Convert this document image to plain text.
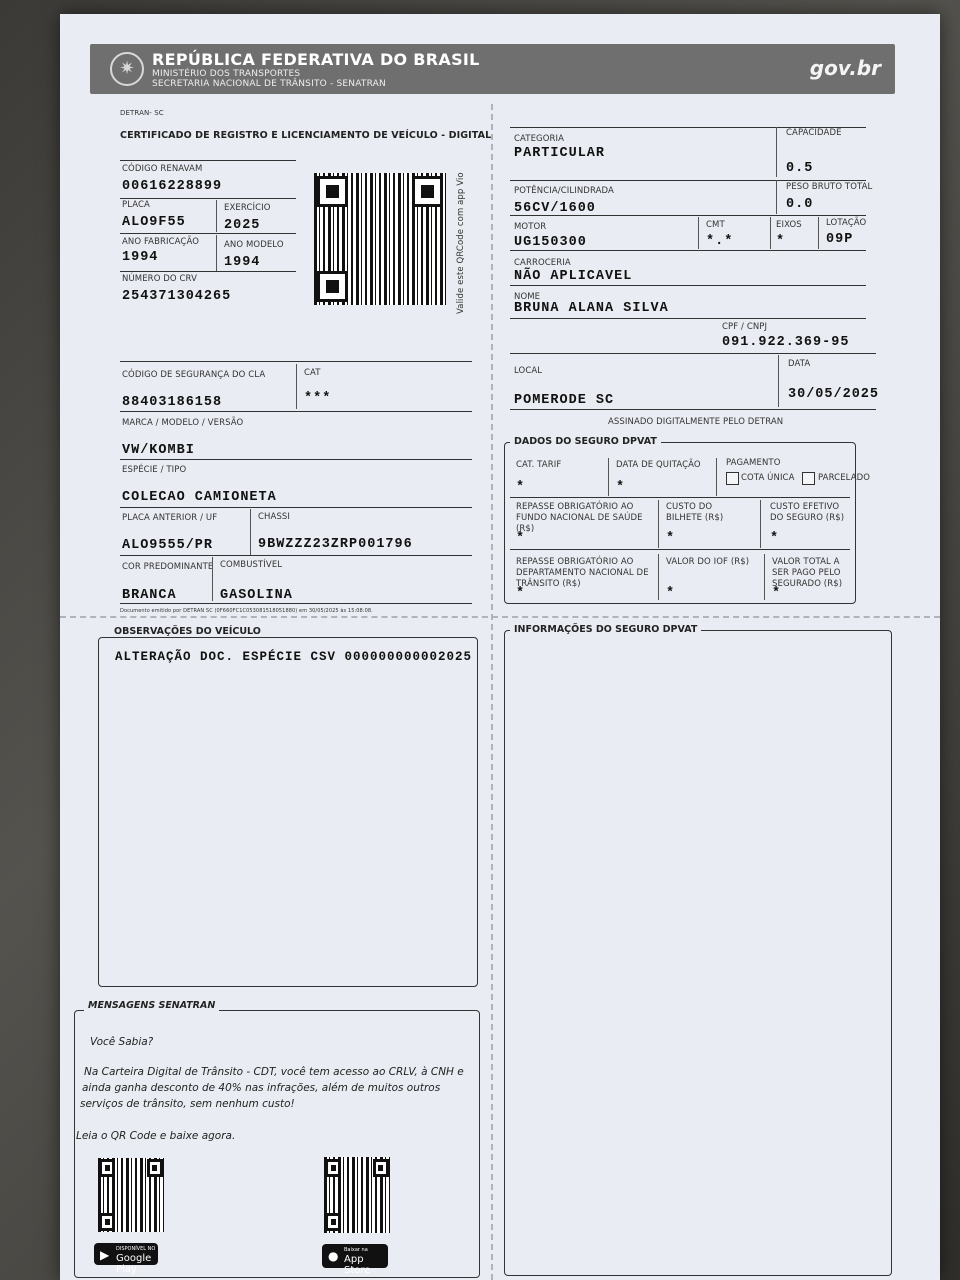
✷	REPÚBLICA FEDERATIVA DO BRASIL
MINISTÉRIO DOS TRANSPORTES
SECRETARIA NACIONAL DE TRÂNSITO - SENATRAN
gov.br
DETRAN- SC
CERTIFICADO DE REGISTRO E LICENCIAMENTO DE VEÍCULO - DIGITAL
CÓDIGO RENAVAM
00616228899
PLACA
ALO9F55
EXERCÍCIO
2025
ANO FABRICAÇÃO
1994
ANO MODELO
1994
NÚMERO DO CRV
254371304265	Valide este QRCode com app Vio
CÓDIGO DE SEGURANÇA DO CLA
88403186158
CAT
***
MARCA / MODELO / VERSÃO
VW/KOMBI
ESPÉCIE / TIPO
COLECAO CAMIONETA
PLACA ANTERIOR / UF
ALO9555/PR
CHASSI
9BWZZZ23ZRP001796
COR PREDOMINANTE
BRANCA
COMBUSTÍVEL
GASOLINA
Documento emitido por DETRAN SC (0F660FC1C053081518051880) em 30/05/2025 às 15:08:08.
CATEGORIA
PARTICULAR
CAPACIDADE
0.5
POTÊNCIA/CILINDRADA
56CV/1600
PESO BRUTO TOTAL
0.0
MOTOR
UG150300
CMT
*.*
EIXOS
*
LOTAÇÃO
09P
CARROCERIA
NÃO APLICAVEL
NOME
BRUNA ALANA SILVA
CPF / CNPJ
091.922.369-95
LOCAL
POMERODE SC
DATA
30/05/2025
ASSINADO DIGITALMENTE PELO DETRAN
DADOS DO SEGURO DPVAT
CAT. TARIF
*
DATA DE QUITAÇÃO
*
PAGAMENTO
COTA ÚNICA	PARCELADO
REPASSE OBRIGATÓRIO AO FUNDO NACIONAL DE SAÚDE (R$)
*
CUSTO DO BILHETE (R$)
*
CUSTO EFETIVO DO SEGURO (R$)
*
REPASSE OBRIGATÓRIO AO DEPARTAMENTO NACIONAL DE TRÂNSITO (R$)
*
VALOR DO IOF (R$)
*
VALOR TOTAL A SER PAGO PELO SEGURADO (R$)
*
OBSERVAÇÕES DO VEÍCULO
ALTERAÇÃO DOC. ESPÉCIE CSV 000000000002025
INFORMAÇÕES DO SEGURO DPVAT
MENSAGENS SENATRAN
Você Sabia?
Na Carteira Digital de Trânsito - CDT, você tem acesso ao CRLV, à CNH e
ainda ganha desconto de 40% nas infrações, além de muitos outros
serviços de trânsito, sem nenhum custo!
Leia o QR Code e baixe agora.
▶ DISPONÍVEL NO
Google Play
● Baixar na
App Store
